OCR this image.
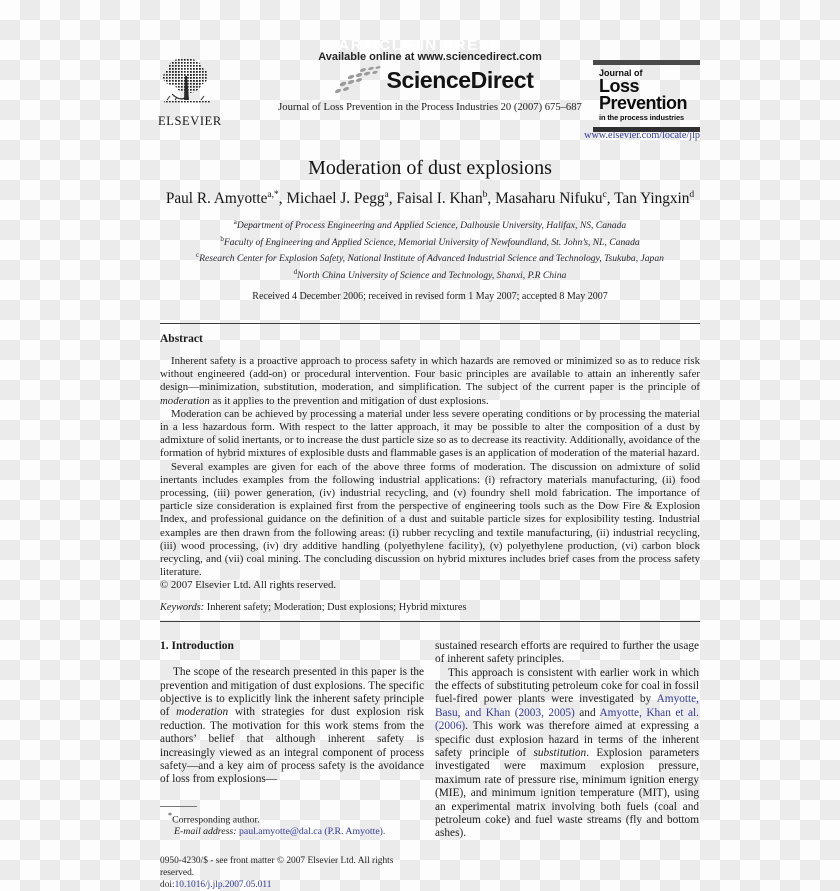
ARTICLE IN PRESS
ELSEVIER
Available online at www.sciencedirect.com
ScienceDirect
Journal of Loss Prevention in the Process Industries 20 (2007) 675–687
Journal of
Loss
Prevention
in the process industries
www.elsevier.com/locate/jlp
Moderation of dust explosions
Paul R. Amyotte$^{a,*}$, Michael J. Pegg$^a$, Faisal I. Khan$^b$, Masaharu Nifuku$^c$, Tan Yingxin$^d$
$^a$Department of Process Engineering and Applied Science, Dalhousie University, Halifax, NS, Canada
$^b$Faculty of Engineering and Applied Science, Memorial University of Newfoundland, St. John’s, NL, Canada
$^c$Research Center for Explosion Safety, National Institute of Advanced Industrial Science and Technology, Tsukuba, Japan
$^d$North China University of Science and Technology, Shanxi, P.R China
Received 4 December 2006; received in revised form 1 May 2007; accepted 8 May 2007
Abstract

Inherent safety is a proactive approach to process safety in which hazards are removed or minimized so as to reduce risk without engineered (add-on) or procedural intervention. Four basic principles are available to attain an inherently safer design—minimization, substitution, moderation, and simplification. The subject of the current paper is the principle of moderation as it applies to the prevention and mitigation of dust explosions.

Moderation can be achieved by processing a material under less severe operating conditions or by processing the material in a less hazardous form. With respect to the latter approach, it may be possible to alter the composition of a dust by admixture of solid inertants, or to increase the dust particle size so as to decrease its reactivity. Additionally, avoidance of the formation of hybrid mixtures of explosible dusts and flammable gases is an application of moderation of the material hazard.

Several examples are given for each of the above three forms of moderation. The discussion on admixture of solid inertants includes examples from the following industrial applications: (i) refractory materials manufacturing, (ii) food processing, (iii) power generation, (iv) industrial recycling, and (v) foundry shell mold fabrication. The importance of particle size consideration is explained first from the perspective of engineering tools such as the Dow Fire & Explosion Index, and professional guidance on the definition of a dust and suitable particle sizes for explosibility testing. Industrial examples are then drawn from the following areas: (i) rubber recycling and textile manufacturing, (ii) industrial recycling, (iii) wood processing, (iv) dry additive handling (polyethylene facility), (v) polyethylene production, (vi) carbon block recycling, and (vii) coal mining. The concluding discussion on hybrid mixtures includes brief cases from the process safety literature.

© 2007 Elsevier Ltd. All rights reserved.
Keywords: Inherent safety; Moderation; Dust explosions; Hybrid mixtures
1. Introduction

The scope of the research presented in this paper is the prevention and mitigation of dust explosions. The specific objective is to explicitly link the inherent safety principle of moderation with strategies for dust explosion risk reduction. The motivation for this work stems from the authors’ belief that although inherent safety is increasingly viewed as an integral component of process safety—and a key aim of process safety is the avoidance of loss from explosions—

*Corresponding author.
E-mail address: paul.amyotte@dal.ca (P.R. Amyotte).
0950-4230/$ - see front matter © 2007 Elsevier Ltd. All rights reserved.
doi:10.1016/j.jlp.2007.05.011

sustained research efforts are required to further the usage of inherent safety principles.

This approach is consistent with earlier work in which the effects of substituting petroleum coke for coal in fossil fuel-fired power plants were investigated by Amyotte, Basu, and Khan (2003, 2005) and Amyotte, Khan et al. (2006). This work was therefore aimed at expressing a specific dust explosion hazard in terms of the inherent safety principle of substitution. Explosion parameters investigated were maximum explosion pressure, maximum rate of pressure rise, minimum ignition energy (MIE), and minimum ignition temperature (MIT), using an experimental matrix involving both fuels (coal and petroleum coke) and fuel waste streams (fly and bottom ashes).
